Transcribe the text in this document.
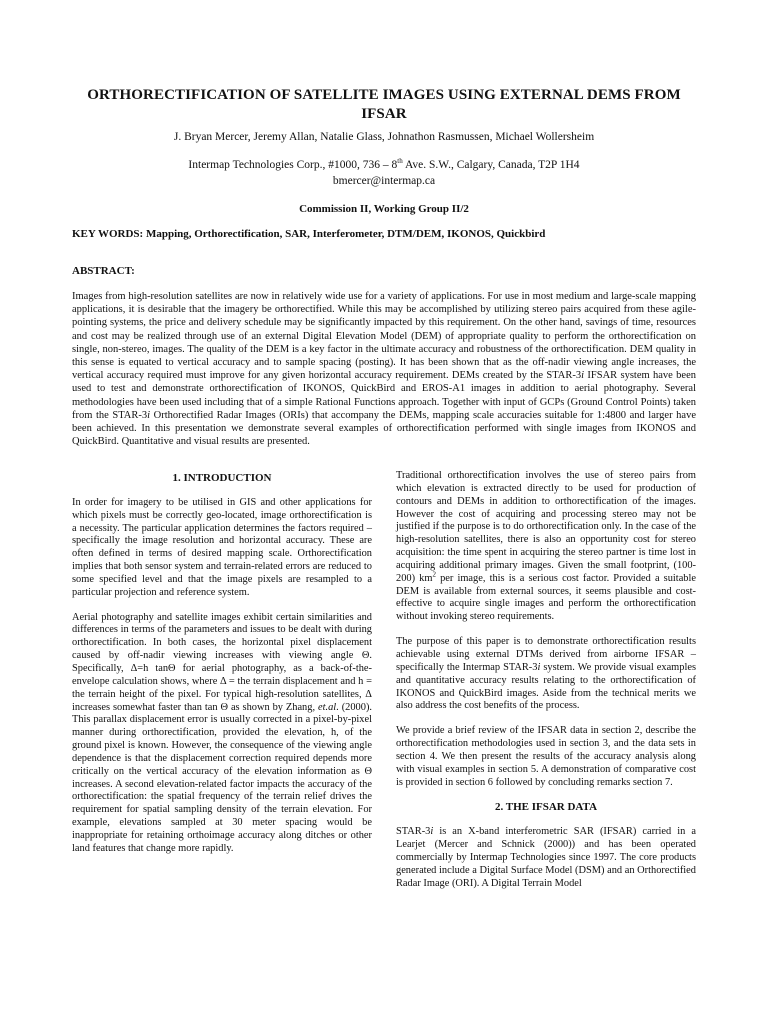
ORTHORECTIFICATION OF SATELLITE IMAGES USING EXTERNAL DEMS FROM IFSAR
J. Bryan Mercer, Jeremy Allan, Natalie Glass, Johnathon Rasmussen, Michael Wollersheim
Intermap Technologies Corp., #1000, 736 – 8th Ave. S.W., Calgary, Canada, T2P 1H4
bmercer@intermap.ca
Commission II, Working Group II/2
KEY WORDS: Mapping, Orthorectification, SAR, Interferometer, DTM/DEM, IKONOS, Quickbird
ABSTRACT:

Images from high-resolution satellites are now in relatively wide use for a variety of applications. For use in most medium and large-scale mapping applications, it is desirable that the imagery be orthorectified. While this may be accomplished by utilizing stereo pairs acquired from these agile-pointing systems, the price and delivery schedule may be significantly impacted by this requirement. On the other hand, savings of time, resources and cost may be realized through use of an external Digital Elevation Model (DEM) of appropriate quality to perform the orthorectification on single, non-stereo, images. The quality of the DEM is a key factor in the ultimate accuracy and robustness of the orthorectification. DEM quality in this sense is equated to vertical accuracy and to sample spacing (posting). It has been shown that as the off-nadir viewing angle increases, the vertical accuracy required must improve for any given horizontal accuracy requirement. DEMs created by the STAR-3i IFSAR system have been used to test and demonstrate orthorectification of IKONOS, QuickBird and EROS-A1 images in addition to aerial photography. Several methodologies have been used including that of a simple Rational Functions approach. Together with input of GCPs (Ground Control Points) taken from the STAR-3i Orthorectified Radar Images (ORIs) that accompany the DEMs, mapping scale accuracies suitable for 1:4800 and larger have been achieved. In this presentation we demonstrate several examples of orthorectification performed with single images from IKONOS and QuickBird. Quantitative and visual results are presented.

1. INTRODUCTION

In order for imagery to be utilised in GIS and other applications for which pixels must be correctly geo-located, image orthorectification is a necessity. The particular application determines the factors required – specifically the image resolution and horizontal accuracy. These are often defined in terms of desired mapping scale. Orthorectification implies that both sensor system and terrain-related errors are reduced to some specified level and that the image pixels are resampled to a particular projection and reference system.

Aerial photography and satellite images exhibit certain similarities and differences in terms of the parameters and issues to be dealt with during orthorectification. In both cases, the horizontal pixel displacement caused by off-nadir viewing increases with viewing angle Θ. Specifically, Δ=h tanΘ for aerial photography, as a back-of-the-envelope calculation shows, where Δ = the terrain displacement and h = the terrain height of the pixel. For typical high-resolution satellites, Δ increases somewhat faster than tan Θ as shown by Zhang, et.al. (2000). This parallax displacement error is usually corrected in a pixel-by-pixel manner during orthorectification, provided the elevation, h, of the ground pixel is known. However, the consequence of the viewing angle dependence is that the displacement correction required depends more critically on the vertical accuracy of the elevation information as Θ increases. A second elevation-related factor impacts the accuracy of the orthorectification: the spatial frequency of the terrain relief drives the requirement for spatial sampling density of the terrain elevation. For example, elevations sampled at 30 meter spacing would be inappropriate for retaining orthoimage accuracy along ditches or other land features that change more rapidly.

Traditional orthorectification involves the use of stereo pairs from which elevation is extracted directly to be used for production of contours and DEMs in addition to orthorectification of the images. However the cost of acquiring and processing stereo may not be justified if the purpose is to do orthorectification only. In the case of the high-resolution satellites, there is also an opportunity cost for stereo acquisition: the time spent in acquiring the stereo partner is time lost in acquiring additional primary images. Given the small footprint, (100-200) $km^2$ per image, this is a serious cost factor. Provided a suitable DEM is available from external sources, it seems plausible and cost-effective to acquire single images and perform the orthorectification without invoking stereo requirements.

The purpose of this paper is to demonstrate orthorectification results achievable using external DTMs derived from airborne IFSAR – specifically the Intermap STAR-3i system. We provide visual examples and quantitative accuracy results relating to the orthorectification of IKONOS and QuickBird images. Aside from the technical merits we also address the cost benefits of the process.

We provide a brief review of the IFSAR data in section 2, describe the orthorectification methodologies used in section 3, and the data sets in section 4. We then present the results of the accuracy analysis along with visual examples in section 5. A demonstration of comparative cost is provided in section 6 followed by concluding remarks section 7.

2. THE IFSAR DATA

STAR-3i is an X-band interferometric SAR (IFSAR) carried in a Learjet (Mercer and Schnick (2000)) and has been operated commercially by Intermap Technologies since 1997. The core products generated include a Digital Surface Model (DSM) and an Orthorectified Radar Image (ORI). A Digital Terrain Model
